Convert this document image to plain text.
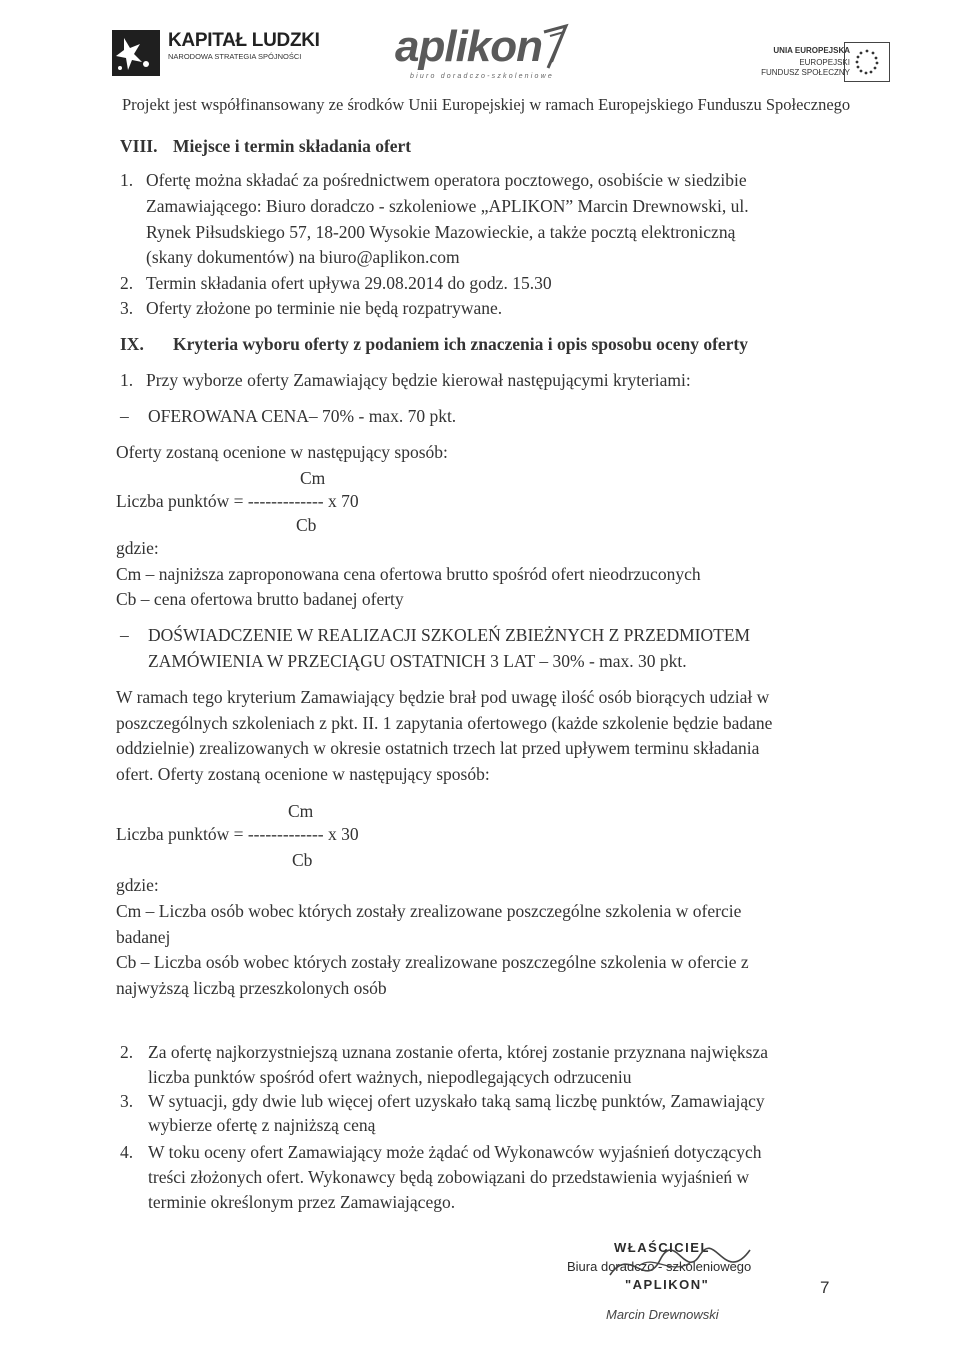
KAPITAŁ LUDZKI
NARODOWA STRATEGIA SPÓJNOŚCI aplikon
biuro doradczo-szkoleniowe
UNIA EUROPEJSKA
EUROPEJSKI
FUNDUSZ SPOŁECZNY
Projekt jest współfinansowany ze środków Unii Europejskiej w ramach Europejskiego Funduszu Społecznego
VIII. Miejsce i termin składania ofert
1. Ofertę można składać za pośrednictwem operatora pocztowego, osobiście w siedzibie
Zamawiającego: Biuro doradczo - szkoleniowe „APLIKON” Marcin Drewnowski, ul.
Rynek Piłsudskiego 57, 18-200 Wysokie Mazowieckie, a także pocztą elektroniczną
(skany dokumentów) na biuro@aplikon.com
2. Termin składania ofert upływa 29.08.2014 do godz. 15.30
3. Oferty złożone po terminie nie będą rozpatrywane.
IX. Kryteria wyboru oferty z podaniem ich znaczenia i opis sposobu oceny oferty
1. Przy wyborze oferty Zamawiający będzie kierował następującymi kryteriami:
– OFEROWANA CENA– 70% - max. 70 pkt.
Oferty zostaną ocenione w następujący sposób:
Cm
Liczba punktów = ------------- x 70
Cb
gdzie:
Cm – najniższa zaproponowana cena ofertowa brutto spośród ofert nieodrzuconych
Cb – cena ofertowa brutto badanej oferty
– DOŚWIADCZENIE W REALIZACJI SZKOLEŃ ZBIEŻNYCH Z PRZEDMIOTEM
ZAMÓWIENIA W PRZECIĄGU OSTATNICH 3 LAT – 30% - max. 30 pkt.
W ramach tego kryterium Zamawiający będzie brał pod uwagę ilość osób biorących udział w
poszczególnych szkoleniach z pkt. II. 1 zapytania ofertowego (każde szkolenie będzie badane
oddzielnie) zrealizowanych w okresie ostatnich trzech lat przed upływem terminu składania
ofert. Oferty zostaną ocenione w następujący sposób:
Cm
Liczba punktów = ------------- x 30
Cb
gdzie:
Cm – Liczba osób wobec których zostały zrealizowane poszczególne szkolenia w ofercie
badanej
Cb – Liczba osób wobec których zostały zrealizowane poszczególne szkolenia w ofercie z
najwyższą liczbą przeszkolonych osób
2. Za ofertę najkorzystniejszą uznana zostanie oferta, której zostanie przyznana największa
liczba punktów spośród ofert ważnych, niepodlegających odrzuceniu
3. W sytuacji, gdy dwie lub więcej ofert uzyskało taką samą liczbę punktów, Zamawiający
wybierze ofertę z najniższą ceną
4. W toku oceny ofert Zamawiający może żądać od Wykonawców wyjaśnień dotyczących
treści złożonych ofert. Wykonawcy będą zobowiązani do przedstawienia wyjaśnień w
terminie określonym przez Zamawiającego.
WŁAŚCICIEL
Biura doradczo - szkoleniowego
"APLIKON"
Marcin Drewnowski
7
